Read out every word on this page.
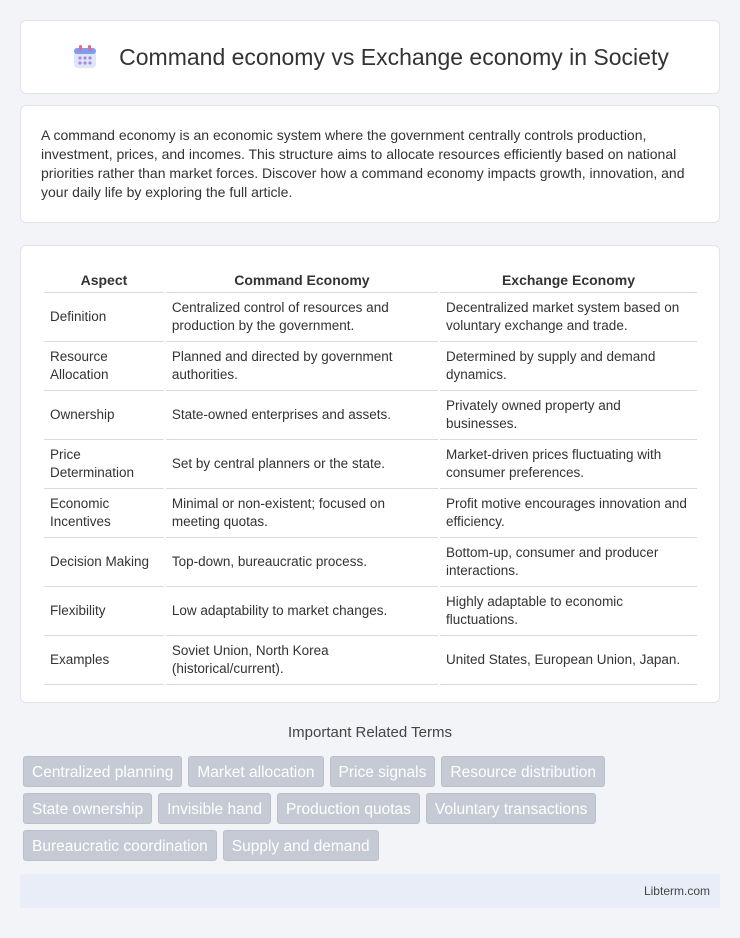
Command economy vs Exchange economy in Society

A command economy is an economic system where the government centrally controls production, investment, prices, and incomes. This structure aims to allocate resources efficiently based on national priorities rather than market forces. Discover how a command economy impacts growth, innovation, and your daily life by exploring the full article.

Aspect	Command Economy	Exchange Economy
Definition	Centralized control of resources and production by the government.	Decentralized market system based on voluntary exchange and trade.
Resource Allocation	Planned and directed by government authorities.	Determined by supply and demand dynamics.
Ownership	State-owned enterprises and assets.	Privately owned property and businesses.
Price Determination	Set by central planners or the state.	Market-driven prices fluctuating with consumer preferences.
Economic Incentives	Minimal or non-existent; focused on meeting quotas.	Profit motive encourages innovation and efficiency.
Decision Making	Top-down, bureaucratic process.	Bottom-up, consumer and producer interactions.
Flexibility	Low adaptability to market changes.	Highly adaptable to economic fluctuations.
Examples	Soviet Union, North Korea (historical/current).	United States, European Union, Japan.
Important Related Terms
Centralized planning	Market allocation	Price signals	Resource distribution
State ownership	Invisible hand	Production quotas	Voluntary transactions
Bureaucratic coordination	Supply and demand
Libterm.com
